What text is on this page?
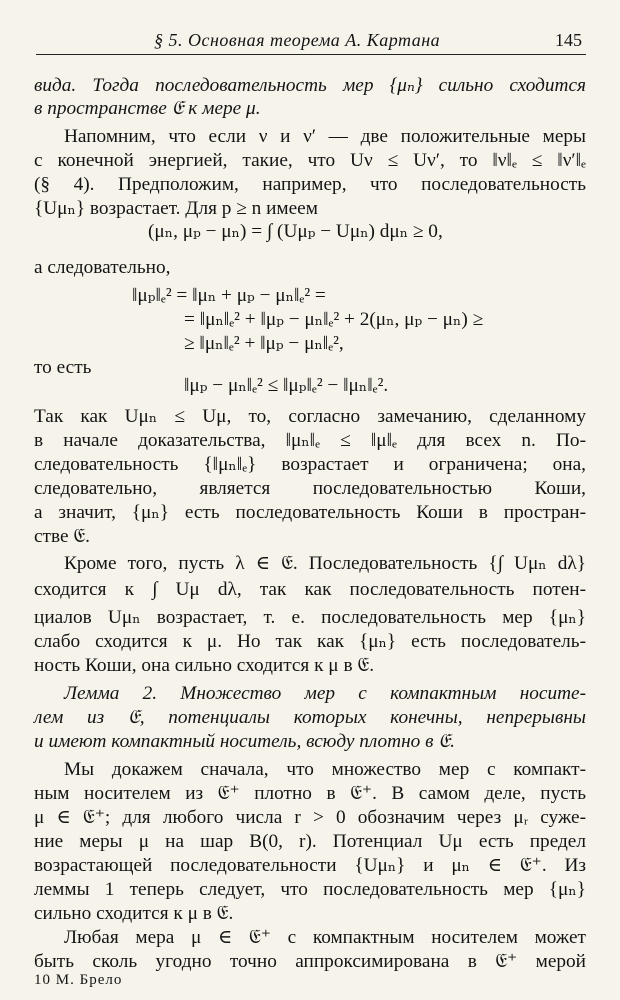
§ 5. Основная теорема А. Картана	145
вида. Тогда последовательность мер {μₙ} сильно сходится
в пространстве 𝔈 к мере μ.
Напомним, что если ν и ν′ — две положительные меры
с конечной энергией, такие, что Uν ≤ Uν′, то ‖ν‖ₑ ≤ ‖ν′‖ₑ
(§ 4). Предположим, например, что последовательность
{Uμₙ} возрастает. Для p ≥ n имеем
(μₙ, μₚ − μₙ) = ∫ (Uμₚ − Uμₙ) dμₙ ≥ 0,
а следовательно,
‖μₚ‖ₑ² = ‖μₙ + μₚ − μₙ‖ₑ² =
= ‖μₙ‖ₑ² + ‖μₚ − μₙ‖ₑ² + 2(μₙ, μₚ − μₙ) ≥
≥ ‖μₙ‖ₑ² + ‖μₚ − μₙ‖ₑ²,
то есть
‖μₚ − μₙ‖ₑ² ≤ ‖μₚ‖ₑ² − ‖μₙ‖ₑ².
Так как Uμₙ ≤ Uμ, то, согласно замечанию, сделанному
в начале доказательства, ‖μₙ‖ₑ ≤ ‖μ‖ₑ для всех n. По-
следовательность {‖μₙ‖ₑ} возрастает и ограничена; она,
следовательно, является последовательностью Коши,
а значит, {μₙ} есть последовательность Коши в простран-
стве 𝔈.
Кроме того, пусть λ ∈ 𝔈. Последовательность {∫ Uμₙ dλ}
сходится к ∫ Uμ dλ, так как последовательность потен-
циалов Uμₙ возрастает, т. е. последовательность мер {μₙ}
слабо сходится к μ. Но так как {μₙ} есть последователь-
ность Коши, она сильно сходится к μ в 𝔈.
Лемма 2. Множество мер с компактным носите-
лем из 𝔈, потенциалы которых конечны, непрерывны
и имеют компактный носитель, всюду плотно в 𝔈.
Мы докажем сначала, что множество мер с компакт-
ным носителем из 𝔈⁺ плотно в 𝔈⁺. В самом деле, пусть
μ ∈ 𝔈⁺; для любого числа r > 0 обозначим через μᵣ суже-
ние меры μ на шар B(0, r). Потенциал Uμ есть предел
возрастающей последовательности {Uμₙ} и μₙ ∈ 𝔈⁺. Из
леммы 1 теперь следует, что последовательность мер {μₙ}
сильно сходится к μ в 𝔈.
Любая мера μ ∈ 𝔈⁺ с компактным носителем может
быть сколь угодно точно аппроксимирована в 𝔈⁺ мерой
10 М. Брело
